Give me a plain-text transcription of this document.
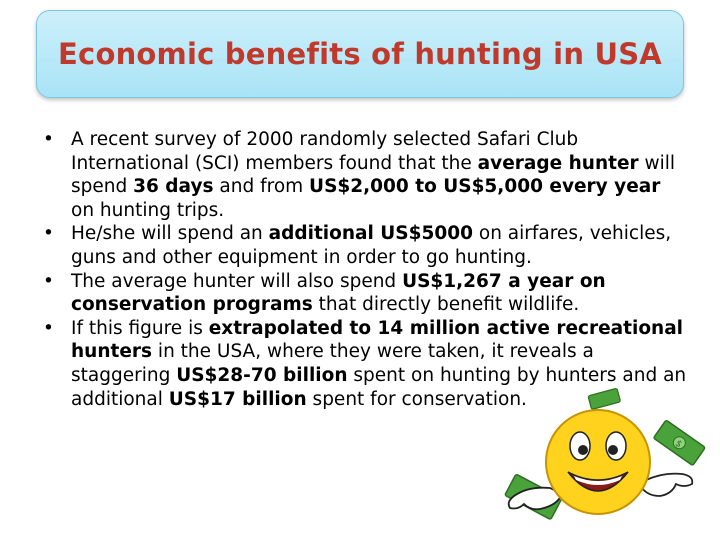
Economic benefits of hunting in USA
• A recent survey of 2000 randomly selected Safari Club International (SCI) members found that the average hunter will spend 36 days and from US$2,000 to US$5,000 every year on hunting trips.
• He/she will spend an additional US$5000 on airfares, vehicles, guns and other equipment in order to go hunting.
• The average hunter will also spend US$1,267 a year on conservation programs that directly benefit wildlife.
• If this figure is extrapolated to 14 million active recreational hunters in the USA, where they were taken, it reveals a staggering US$28-70 billion spent on hunting by hunters and an additional US$17 billion spent for conservation.
$
